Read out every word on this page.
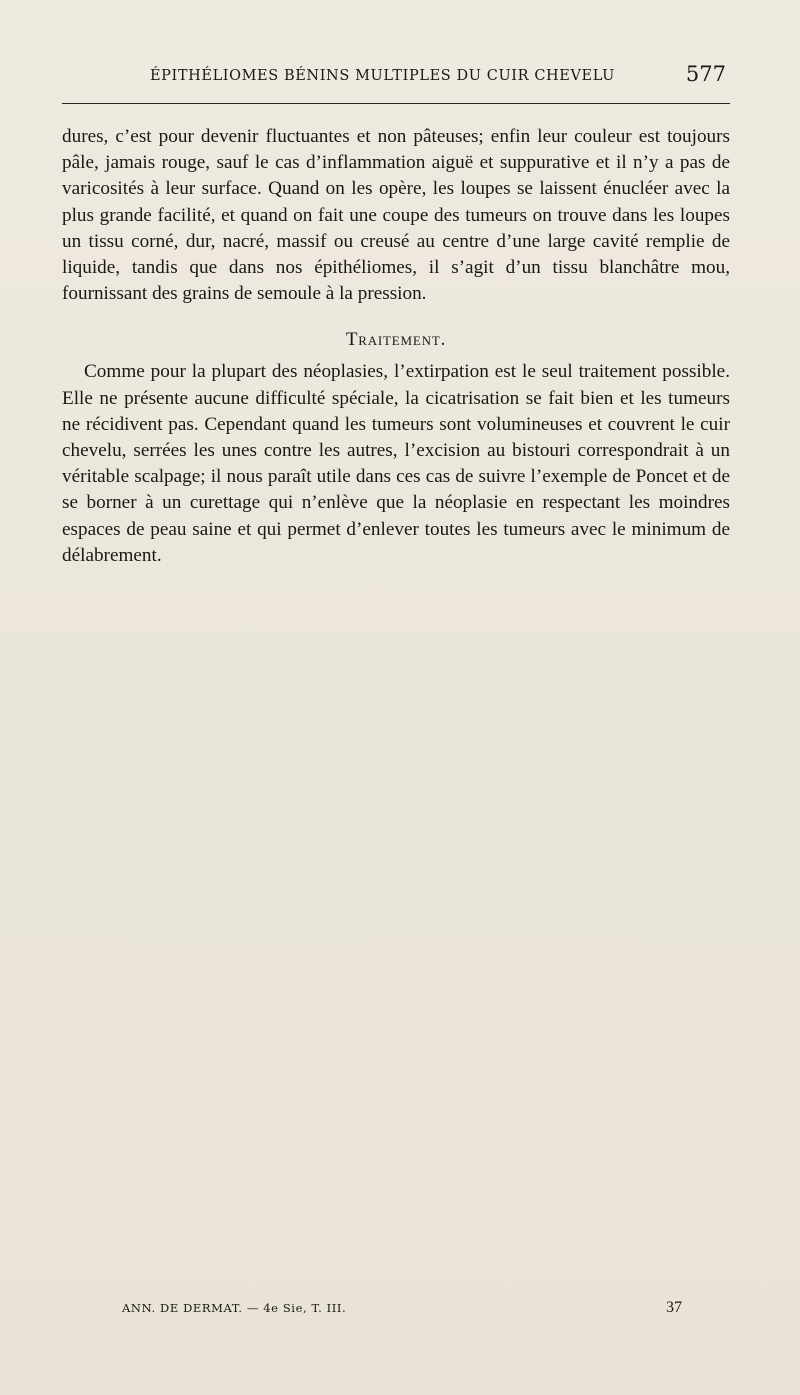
ÉPITHÉLIOMES BÉNINS MULTIPLES DU CUIR CHEVELU	577

dures, c’est pour devenir fluctuantes et non pâteuses; enfin leur couleur est toujours pâle, jamais rouge, sauf le cas d’inflammation aiguë et suppurative et il n’y a pas de varicosités à leur surface. Quand on les opère, les loupes se laissent énucléer avec la plus grande facilité, et quand on fait une coupe des tumeurs on trouve dans les loupes un tissu corné, dur, nacré, massif ou creusé au centre d’une large cavité remplie de liquide, tandis que dans nos épithéliomes, il s’agit d’un tissu blanchâtre mou, fournissant des grains de semoule à la pression.

Traitement.

Comme pour la plupart des néoplasies, l’extirpation est le seul traitement possible. Elle ne présente aucune difficulté spéciale, la cicatrisation se fait bien et les tumeurs ne récidivent pas. Cependant quand les tumeurs sont volumineuses et couvrent le cuir chevelu, serrées les unes contre les autres, l’excision au bistouri correspondrait à un véritable scalpage; il nous paraît utile dans ces cas de suivre l’exemple de Poncet et de se borner à un curettage qui n’enlève que la néoplasie en respectant les moindres espaces de peau saine et qui permet d’enlever toutes les tumeurs avec le minimum de délabrement.

ANN. DE DERMAT. — 4e Sie, T. III.	37
